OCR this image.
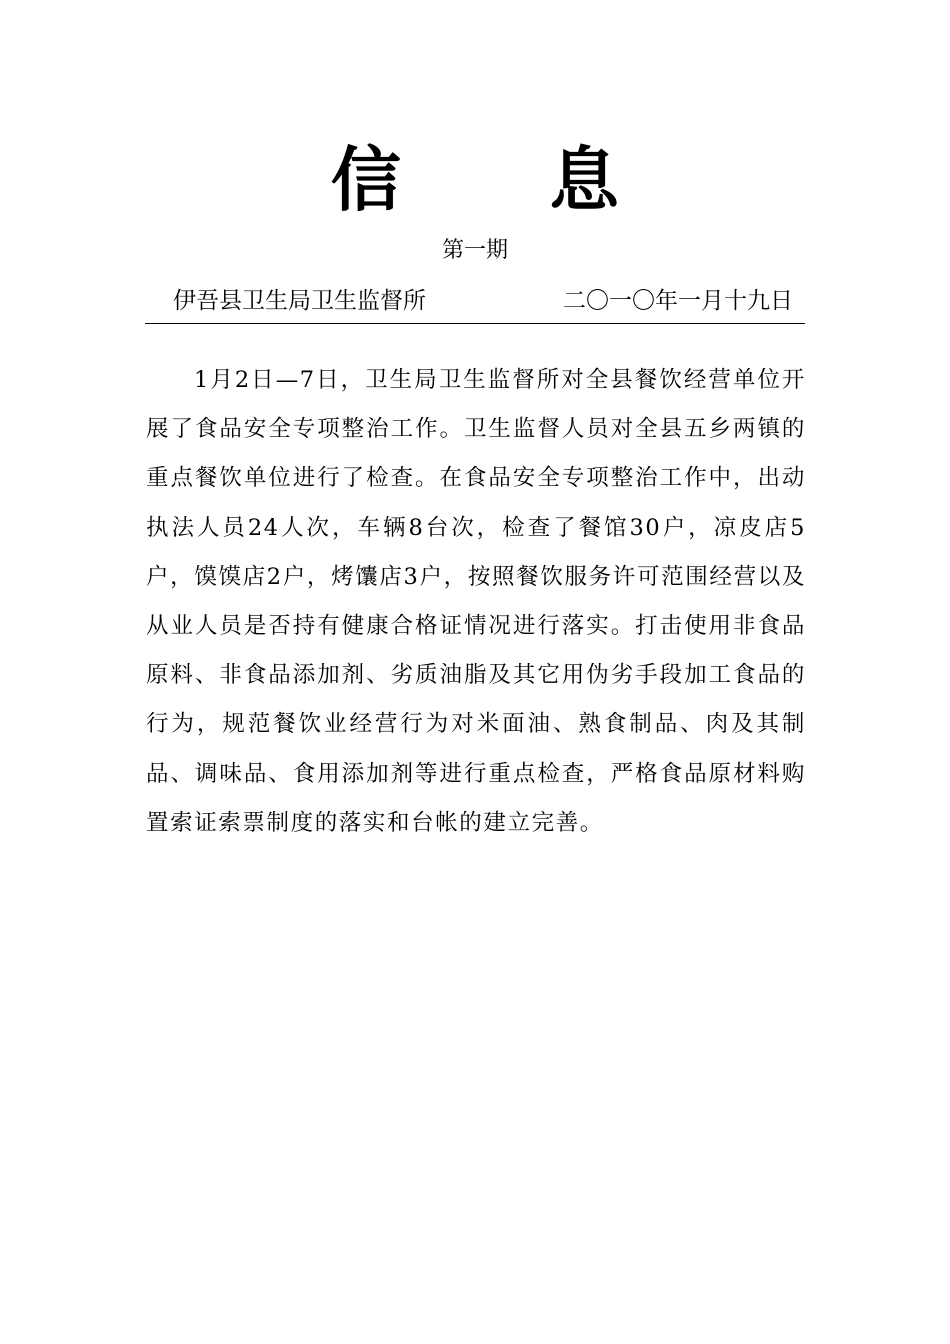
信 息
第一期
伊吾县卫生局卫生监督所	二〇一〇年一月十九日

1月2日—7日，卫生局卫生监督所对全县餐饮经营单位开展了食品安全专项整治工作。卫生监督人员对全县五乡两镇的重点餐饮单位进行了检查。在食品安全专项整治工作中，出动执法人员24人次，车辆8台次，检查了餐馆30户，凉皮店5户，馍馍店2户，烤馕店3户，按照餐饮服务许可范围经营以及从业人员是否持有健康合格证情况进行落实。打击使用非食品原料、非食品添加剂、劣质油脂及其它用伪劣手段加工食品的行为，规范餐饮业经营行为对米面油、熟食制品、肉及其制品、调味品、食用添加剂等进行重点检查，严格食品原材料购置索证索票制度的落实和台帐的建立完善。
